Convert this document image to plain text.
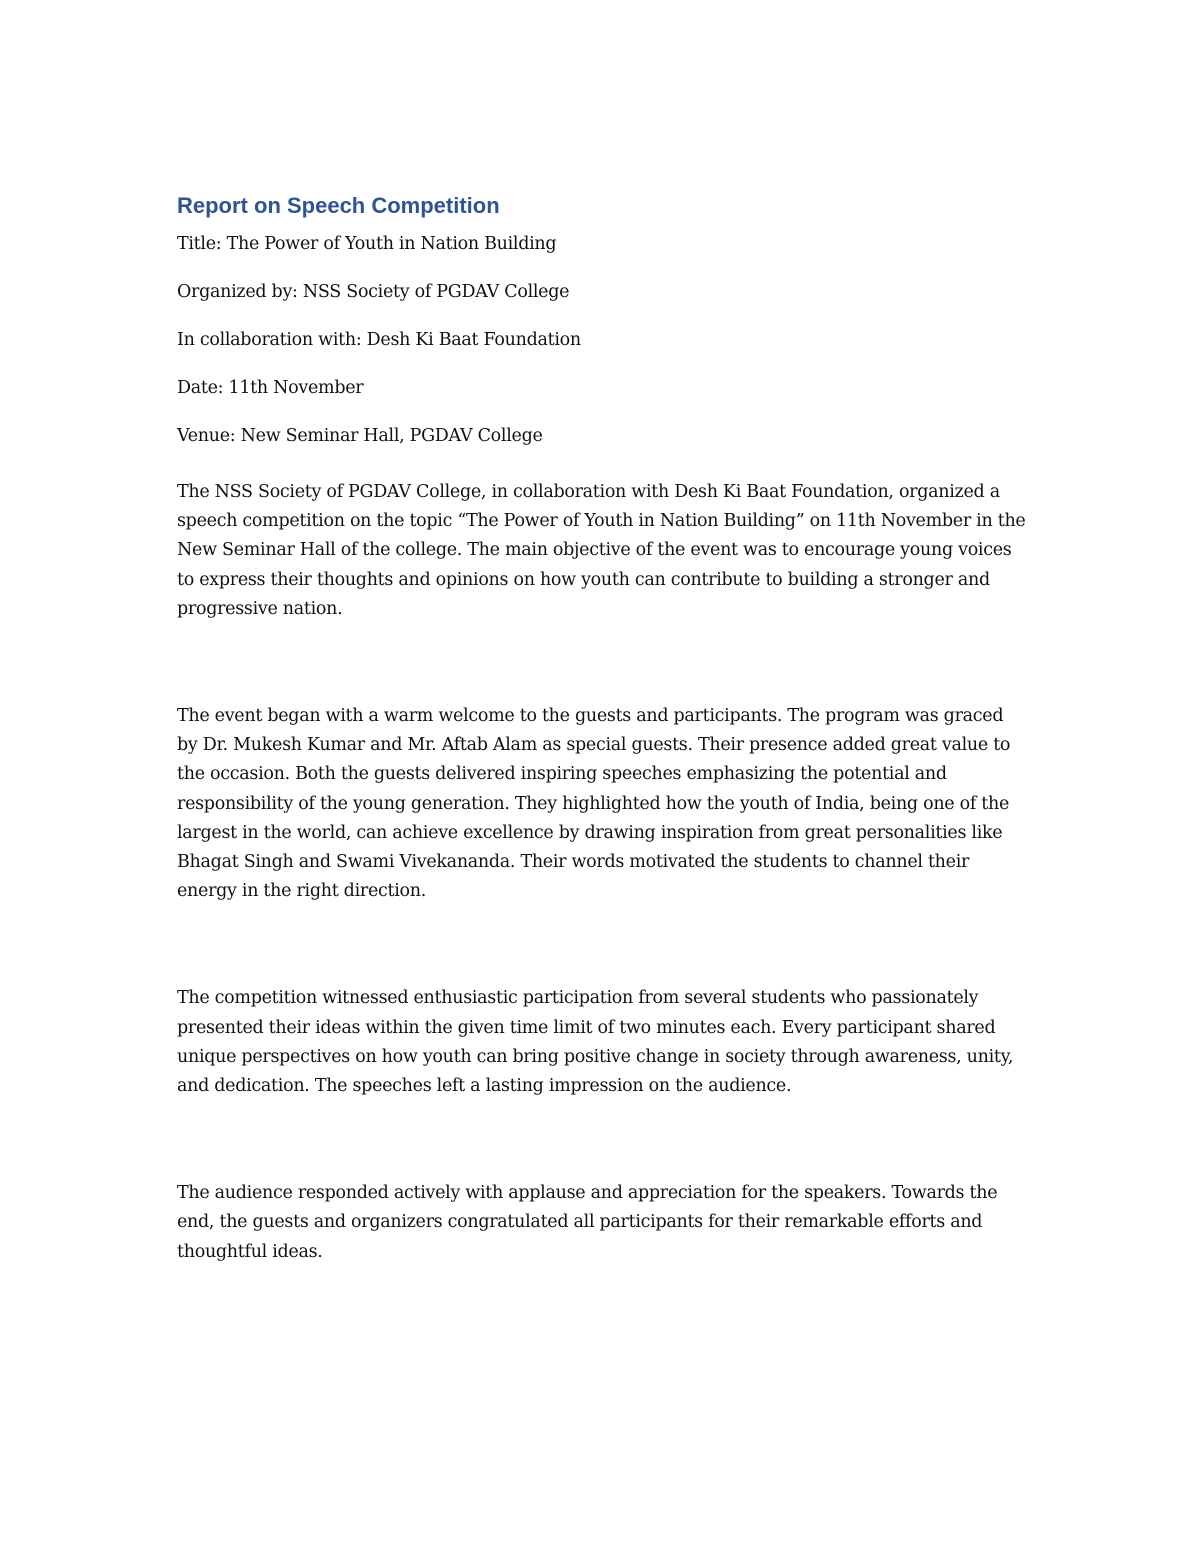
Report on Speech Competition
Title: The Power of Youth in Nation Building
Organized by: NSS Society of PGDAV College
In collaboration with: Desh Ki Baat Foundation
Date: 11th November
Venue: New Seminar Hall, PGDAV College

The NSS Society of PGDAV College, in collaboration with Desh Ki Baat Foundation, organized a speech competition on the topic “The Power of Youth in Nation Building” on 11th November in the New Seminar Hall of the college. The main objective of the event was to encourage young voices to express their thoughts and opinions on how youth can contribute to building a stronger and progressive nation.

The event began with a warm welcome to the guests and participants. The program was graced by Dr. Mukesh Kumar and Mr. Aftab Alam as special guests. Their presence added great value to the occasion. Both the guests delivered inspiring speeches emphasizing the potential and responsibility of the young generation. They highlighted how the youth of India, being one of the largest in the world, can achieve excellence by drawing inspiration from great personalities like Bhagat Singh and Swami Vivekananda. Their words motivated the students to channel their energy in the right direction.

The competition witnessed enthusiastic participation from several students who passionately presented their ideas within the given time limit of two minutes each. Every participant shared unique perspectives on how youth can bring positive change in society through awareness, unity, and dedication. The speeches left a lasting impression on the audience.

The audience responded actively with applause and appreciation for the speakers. Towards the end, the guests and organizers congratulated all participants for their remarkable efforts and thoughtful ideas.
